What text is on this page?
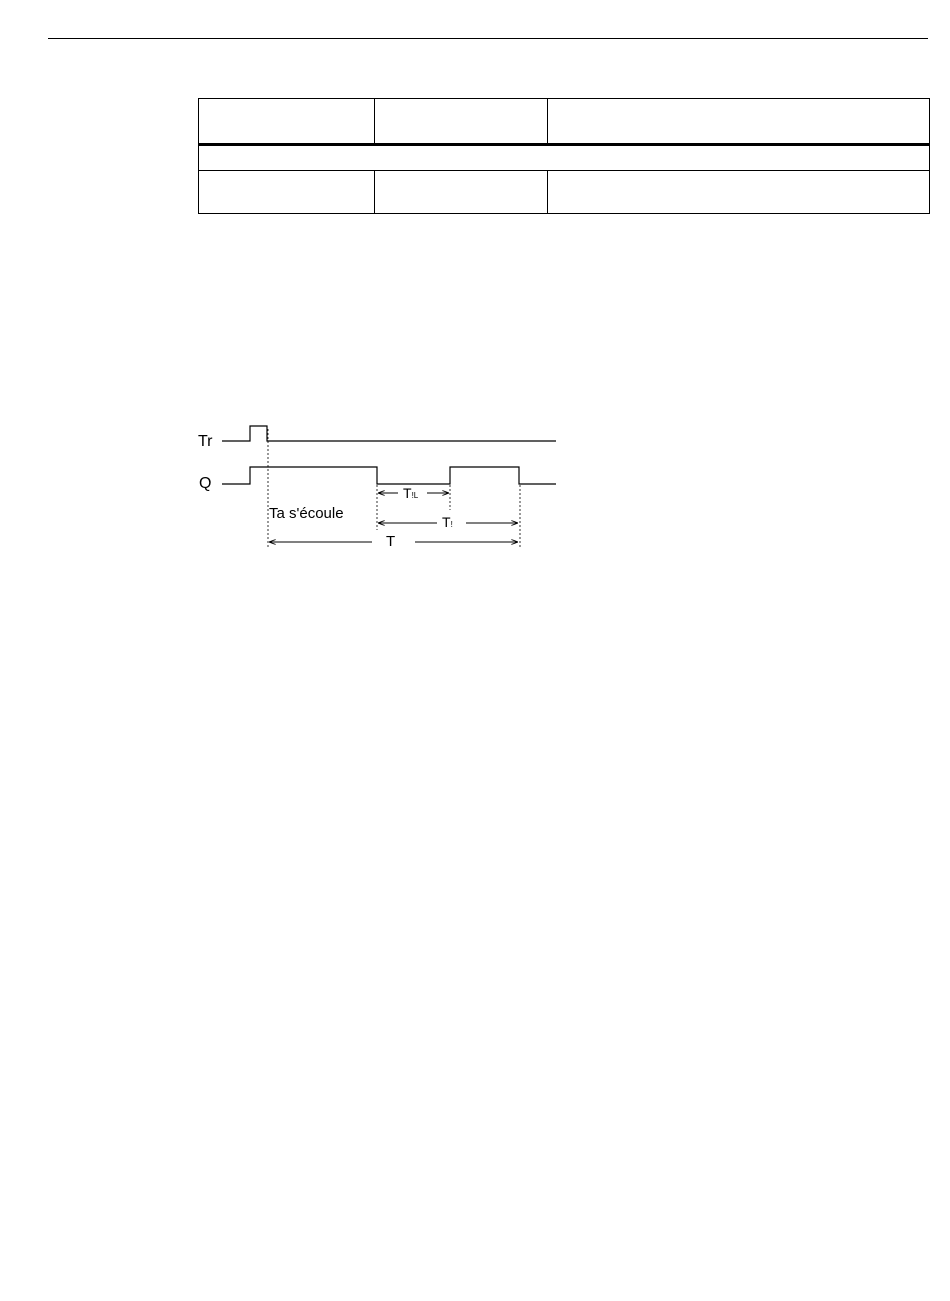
Tr
Q
T!L
Ta s'écoule	T!
T
